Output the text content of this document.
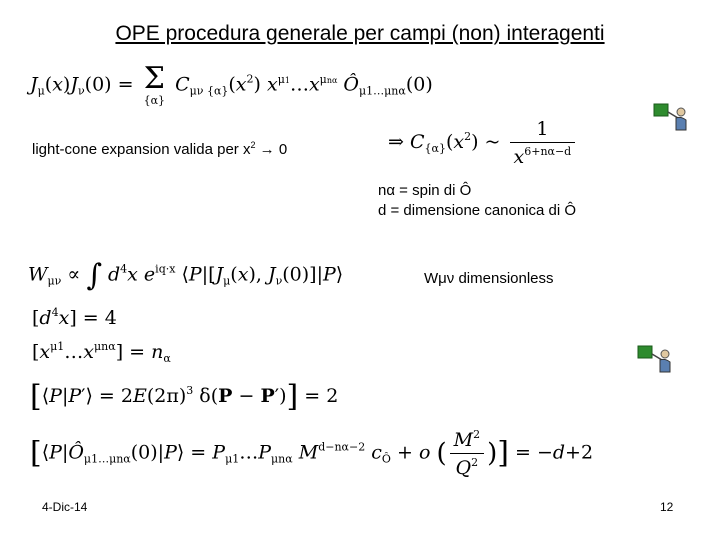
OPE procedura generale per campi (non) interagenti
$J_\mu(x)J_\nu(0) = \Sigma$
{α}
$C_{\mu\nu \{\alpha\}}(x^2)$ $x^{\mu 1}\dots x^{\mu n\alpha}$ $Ô_{\mu 1\dots\mu n\alpha}(0)$
light-cone expansion valida per $x^2 \to 0$	⇒ $C_{\{\alpha\}}(x^2)$ ~ $\frac{1}{x^{6+n\alpha-d}}$
nα = spin di Ô
d = dimensione canonica di Ô
$W_{\mu\nu}$ ∝ ∫ $d^4x$ $e^{iq\cdot x}$ $⟨P|[J_\mu(x)$, $J_\nu(0)]|P⟩$	Wμν dimensionless
$[d^4x] = 4$
$[x^{\mu 1}\dots x^{\mu n\alpha}] = n_\alpha$
[⟨P|P′⟩ = $2E(2\pi)^3$ δ(P − P′)] = 2
[$⟨P|Ô_{\mu 1\dots\mu n\alpha}(0)|P⟩$ = $P_{\mu 1}\dots P_{\mu n\alpha}$ $M^{d-n\alpha-2}$ $c_Ô + o$ ( $\frac{M^2}{Q^2}$ )] = −d+2
4-Dic-14	12
